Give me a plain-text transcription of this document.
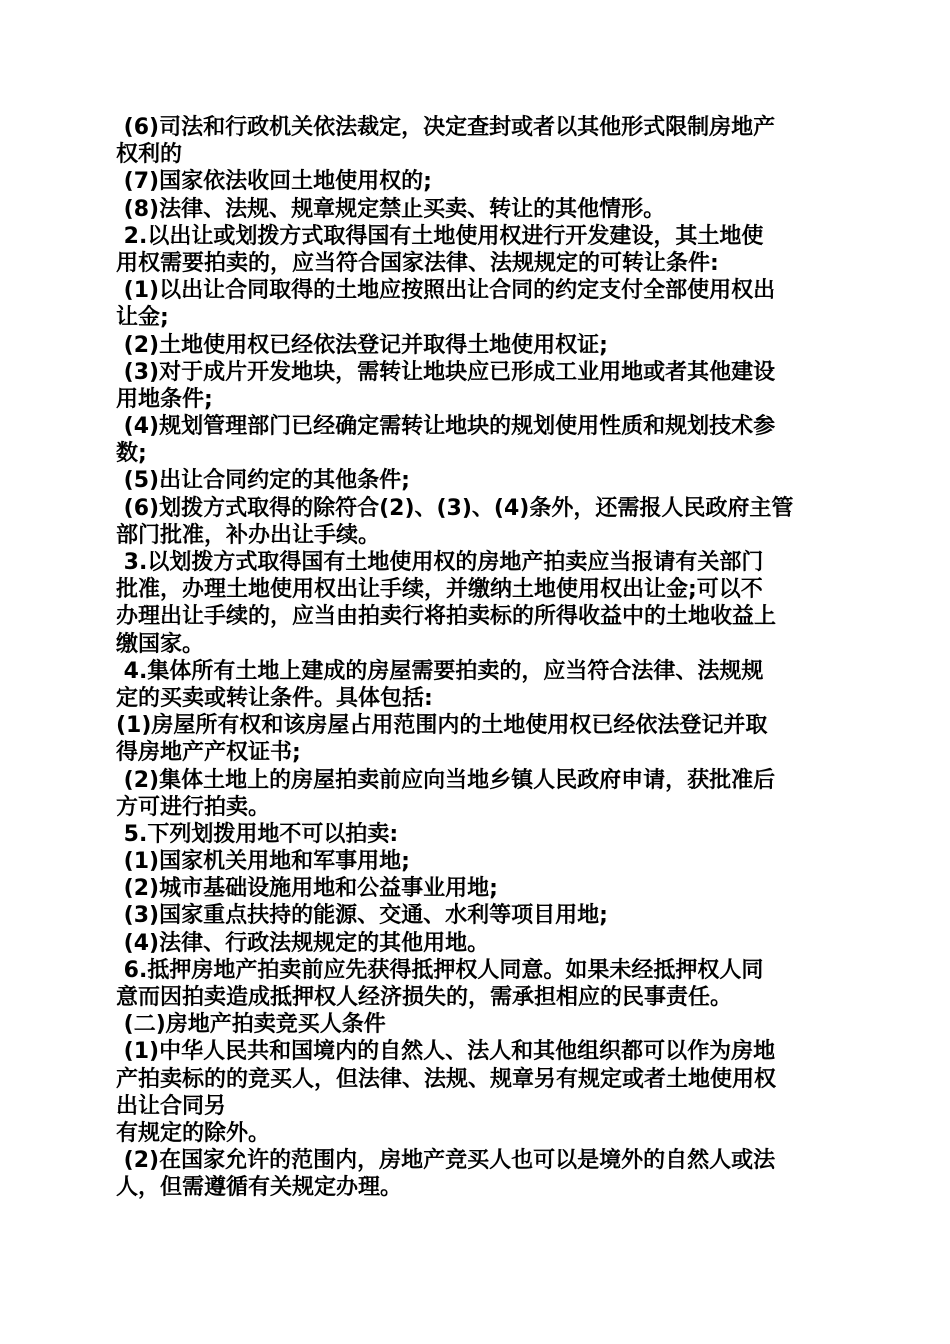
(6)司法和行政机关依法裁定，决定查封或者以其他形式限制房地产
权利的
(7)国家依法收回土地使用权的;
(8)法律、法规、规章规定禁止买卖、转让的其他情形。
2.以出让或划拨方式取得国有土地使用权进行开发建设，其土地使
用权需要拍卖的，应当符合国家法律、法规规定的可转让条件:
(1)以出让合同取得的土地应按照出让合同的约定支付全部使用权出
让金;
(2)土地使用权已经依法登记并取得土地使用权证;
(3)对于成片开发地块，需转让地块应已形成工业用地或者其他建设
用地条件;
(4)规划管理部门已经确定需转让地块的规划使用性质和规划技术参
数;
(5)出让合同约定的其他条件;
(6)划拨方式取得的除符合(2)、(3)、(4)条外，还需报人民政府主管
部门批准，补办出让手续。
3.以划拨方式取得国有土地使用权的房地产拍卖应当报请有关部门
批准，办理土地使用权出让手续，并缴纳土地使用权出让金;可以不
办理出让手续的，应当由拍卖行将拍卖标的所得收益中的土地收益上
缴国家。
4.集体所有土地上建成的房屋需要拍卖的，应当符合法律、法规规
定的买卖或转让条件。具体包括:
(1)房屋所有权和该房屋占用范围内的土地使用权已经依法登记并取
得房地产产权证书;
(2)集体土地上的房屋拍卖前应向当地乡镇人民政府申请，获批准后
方可进行拍卖。
5.下列划拨用地不可以拍卖:
(1)国家机关用地和军事用地;
(2)城市基础设施用地和公益事业用地;
(3)国家重点扶持的能源、交通、水利等项目用地;
(4)法律、行政法规规定的其他用地。
6.抵押房地产拍卖前应先获得抵押权人同意。如果未经抵押权人同
意而因拍卖造成抵押权人经济损失的，需承担相应的民事责任。
(二)房地产拍卖竞买人条件
(1)中华人民共和国境内的自然人、法人和其他组织都可以作为房地
产拍卖标的的竞买人，但法律、法规、规章另有规定或者土地使用权
出让合同另
有规定的除外。
(2)在国家允许的范围内，房地产竞买人也可以是境外的自然人或法
人，但需遵循有关规定办理。
